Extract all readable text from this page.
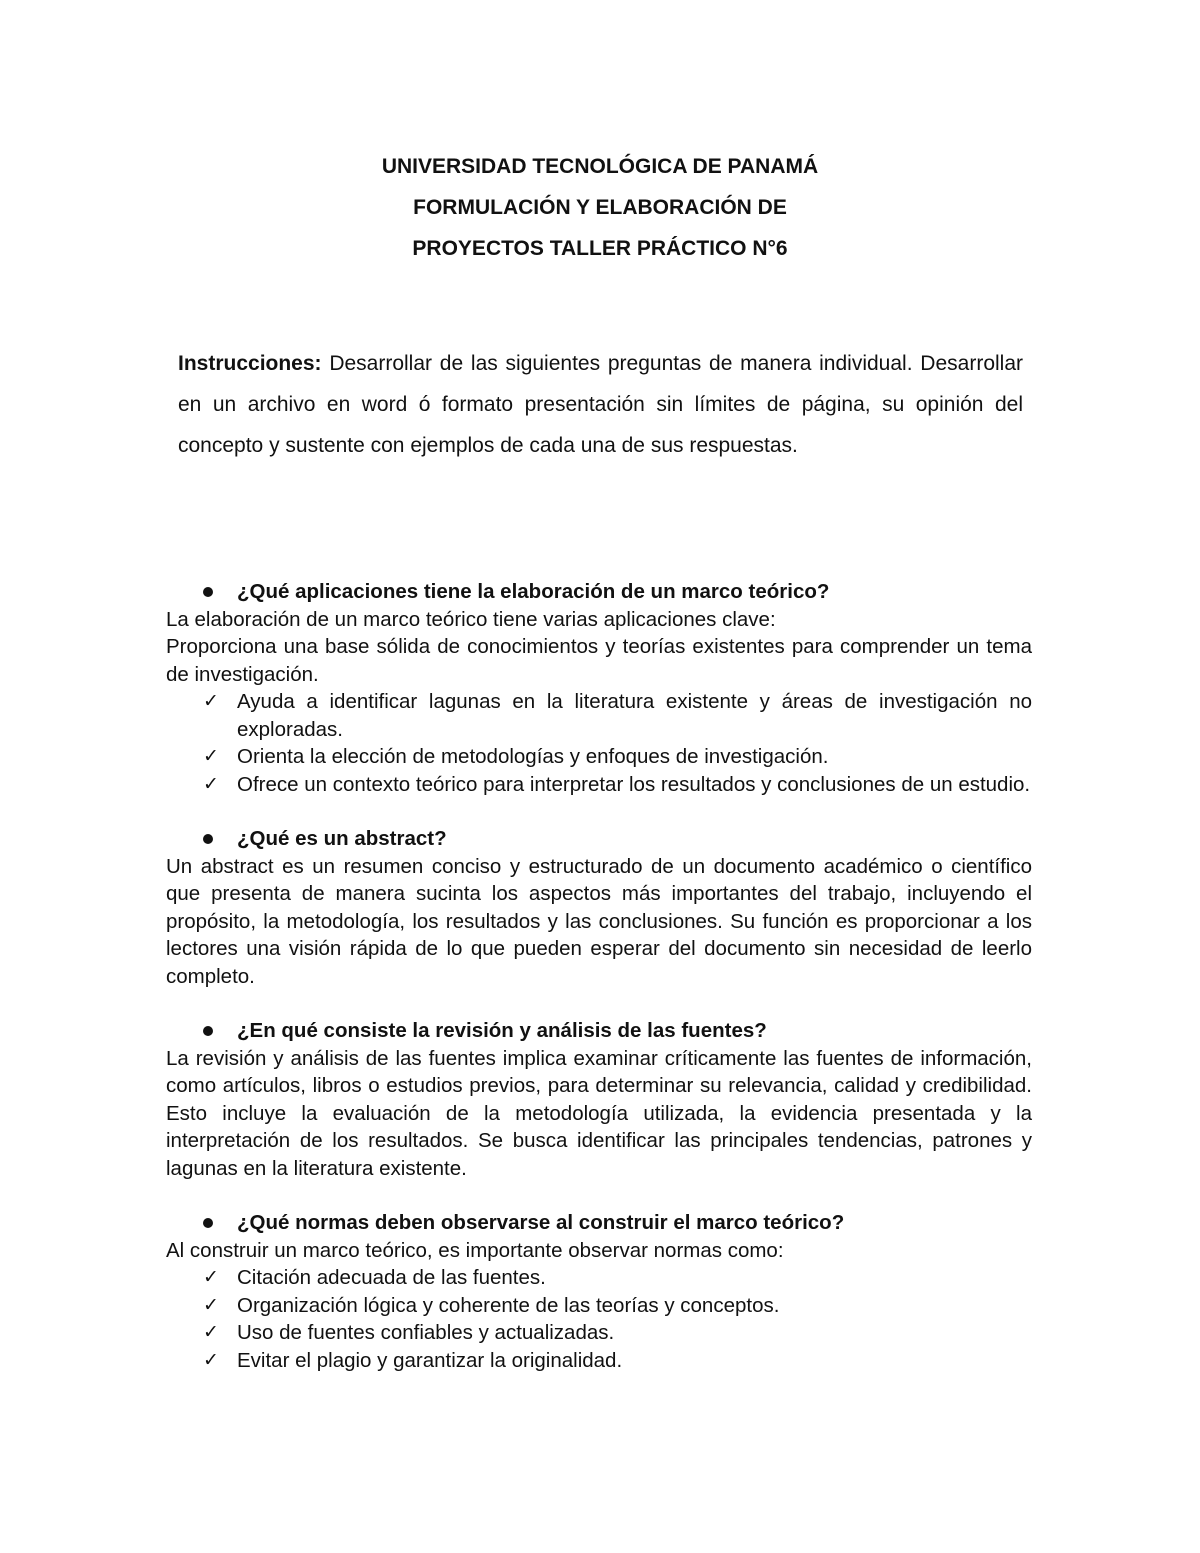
UNIVERSIDAD TECNOLÓGICA DE PANAMÁ
FORMULACIÓN Y ELABORACIÓN DE
PROYECTOS TALLER PRÁCTICO N°6
Instrucciones: Desarrollar de las siguientes preguntas de manera individual. Desarrollar en un archivo en word ó formato presentación sin límites de página, su opinión del concepto y sustente con ejemplos de cada una de sus respuestas.

¿Qué aplicaciones tiene la elaboración de un marco teórico?

La elaboración de un marco teórico tiene varias aplicaciones clave:

Proporciona una base sólida de conocimientos y teorías existentes para comprender un tema de investigación.

✓ Ayuda a identificar lagunas en la literatura existente y áreas de investigación no exploradas.
✓ Orienta la elección de metodologías y enfoques de investigación.
✓ Ofrece un contexto teórico para interpretar los resultados y conclusiones de un estudio.

¿Qué es un abstract?

Un abstract es un resumen conciso y estructurado de un documento académico o científico que presenta de manera sucinta los aspectos más importantes del trabajo, incluyendo el propósito, la metodología, los resultados y las conclusiones. Su función es proporcionar a los lectores una visión rápida de lo que pueden esperar del documento sin necesidad de leerlo completo.

¿En qué consiste la revisión y análisis de las fuentes?

La revisión y análisis de las fuentes implica examinar críticamente las fuentes de información, como artículos, libros o estudios previos, para determinar su relevancia, calidad y credibilidad. Esto incluye la evaluación de la metodología utilizada, la evidencia presentada y la interpretación de los resultados. Se busca identificar las principales tendencias, patrones y lagunas en la literatura existente.

¿Qué normas deben observarse al construir el marco teórico?

Al construir un marco teórico, es importante observar normas como:

✓ Citación adecuada de las fuentes.
✓ Organización lógica y coherente de las teorías y conceptos.
✓ Uso de fuentes confiables y actualizadas.
✓ Evitar el plagio y garantizar la originalidad.
